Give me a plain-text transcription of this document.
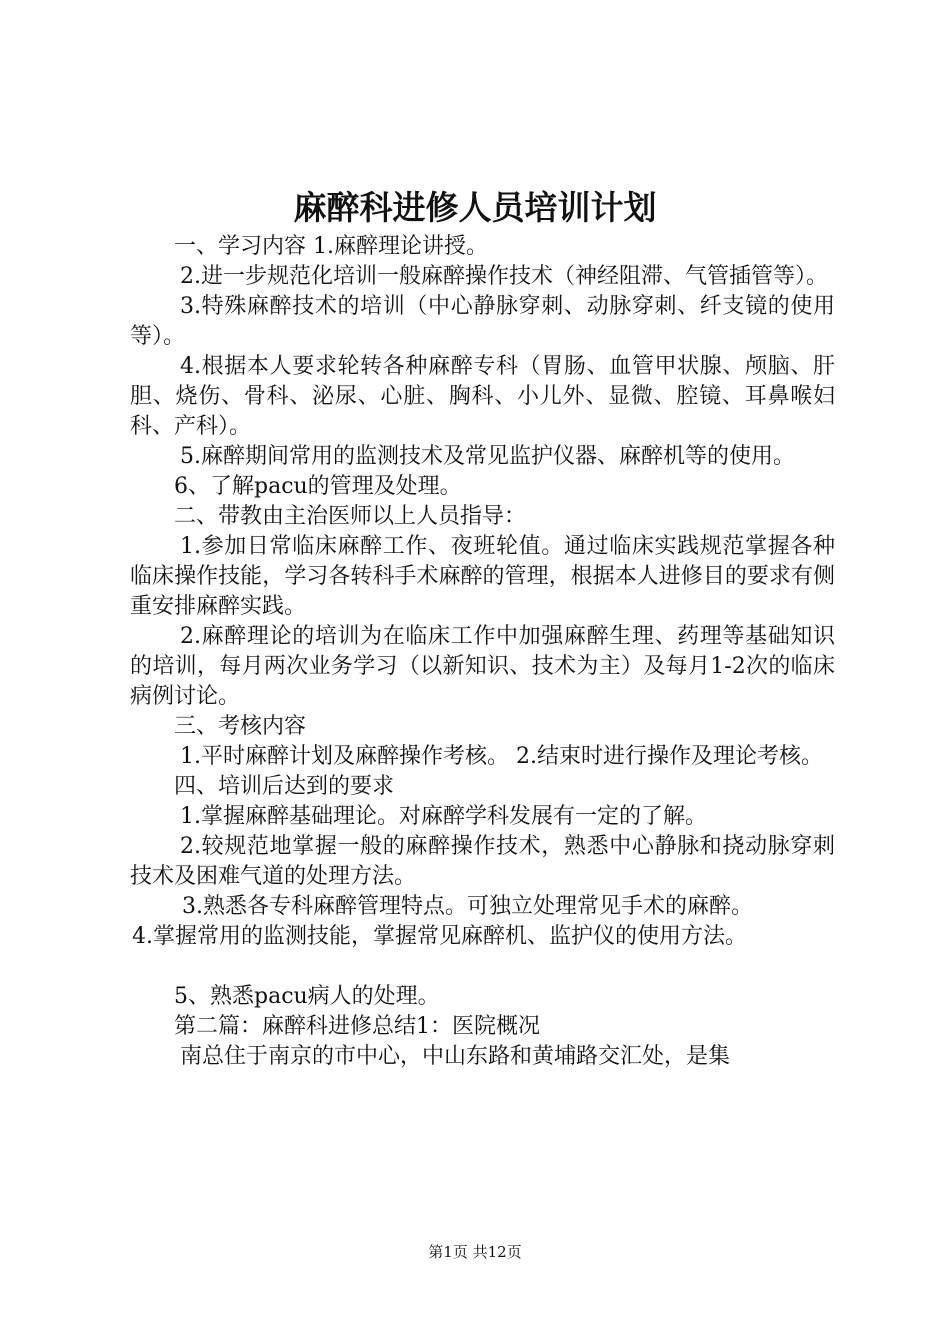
麻醉科进修人员培训计划

一、学习内容 1.麻醉理论讲授。

2.进一步规范化培训一般麻醉操作技术（神经阻滞、气管插管等）。

3.特殊麻醉技术的培训（中心静脉穿刺、动脉穿刺、纤支镜的使用等）。

4.根据本人要求轮转各种麻醉专科（胃肠、血管甲状腺、颅脑、肝胆、烧伤、骨科、泌尿、心脏、胸科、小儿外、显微、腔镜、耳鼻喉妇科、产科）。

5.麻醉期间常用的监测技术及常见监护仪器、麻醉机等的使用。

6、了解pacu的管理及处理。

二、带教由主治医师以上人员指导：

1.参加日常临床麻醉工作、夜班轮值。通过临床实践规范掌握各种临床操作技能，学习各转科手术麻醉的管理，根据本人进修目的要求有侧重安排麻醉实践。

2.麻醉理论的培训为在临床工作中加强麻醉生理、药理等基础知识的培训，每月两次业务学习（以新知识、技术为主）及每月1-2次的临床病例讨论。

三、考核内容

1.平时麻醉计划及麻醉操作考核。 2.结束时进行操作及理论考核。

四、培训后达到的要求

1.掌握麻醉基础理论。对麻醉学科发展有一定的了解。

2.较规范地掌握一般的麻醉操作技术，熟悉中心静脉和挠动脉穿刺技术及困难气道的处理方法。

3.熟悉各专科麻醉管理特点。可独立处理常见手术的麻醉。

4.掌握常用的监测技能，掌握常见麻醉机、监护仪的使用方法。

5、熟悉pacu病人的处理。

第二篇：麻醉科进修总结1：医院概况

南总住于南京的市中心，中山东路和黄埔路交汇处，是集

第1页 共12页
